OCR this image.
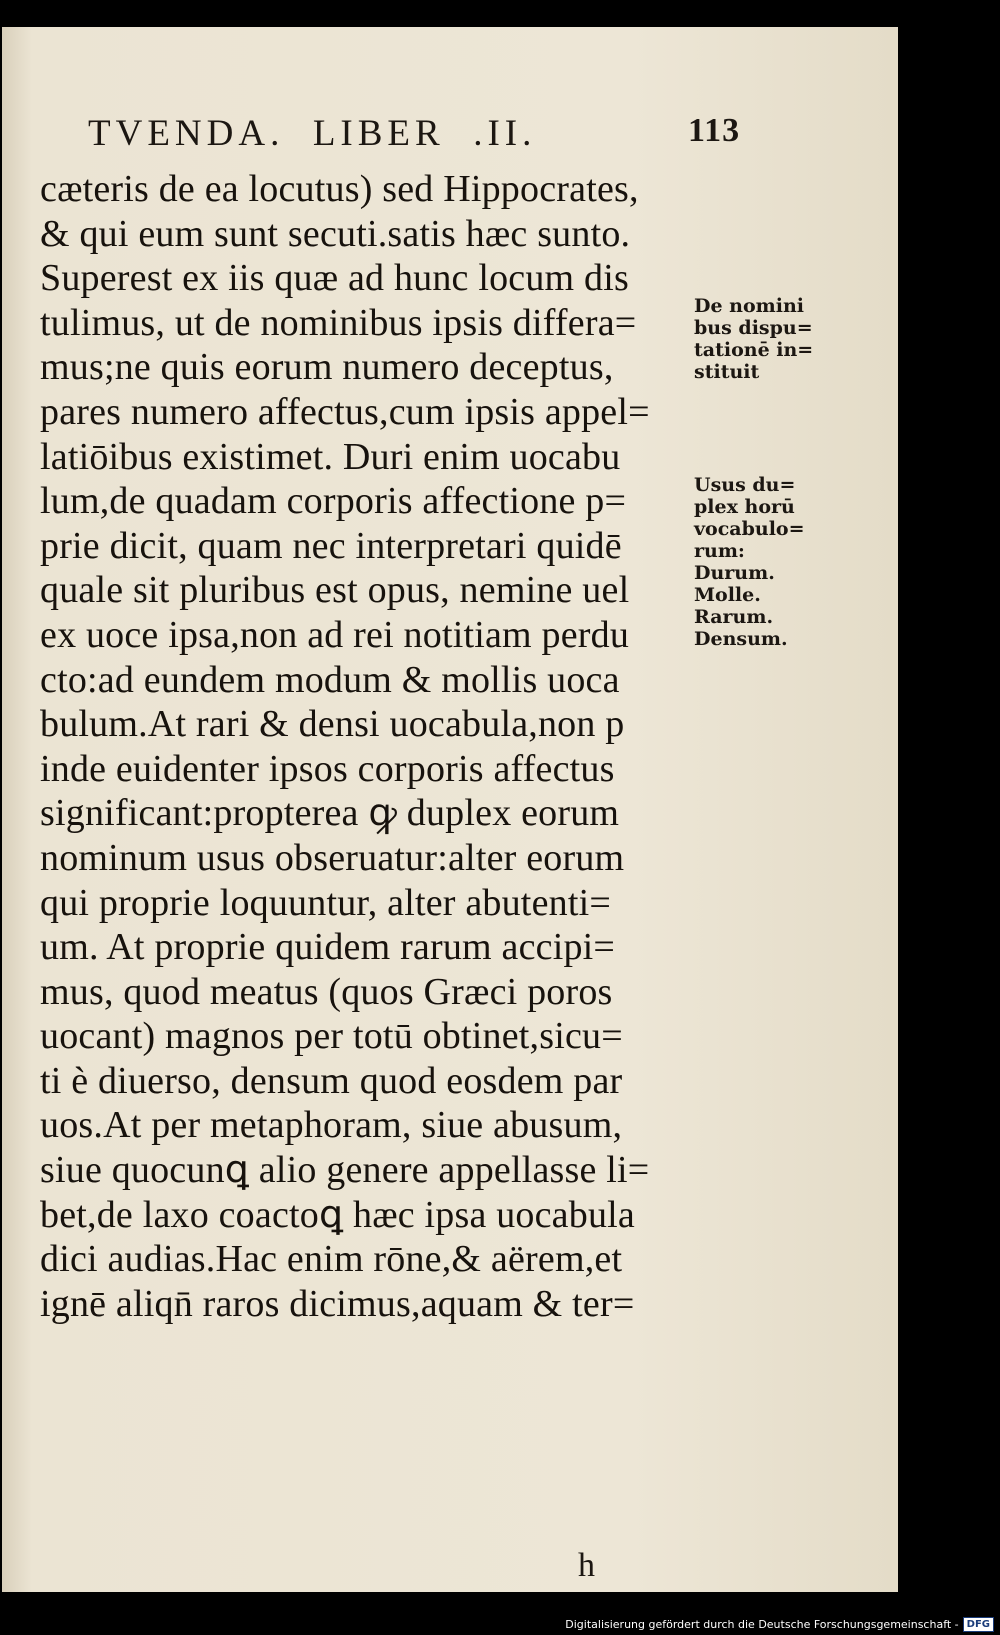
TVENDA.  LIBER  .II.	113
cæteris de ea locutus) sed Hippocrates,
& qui eum sunt secuti.satis hæc sunto.
Superest ex iis quæ ad hunc locum dis
tulimus, ut de nominibus ipsis differa=
mus;ne quis eorum numero deceptus,
pares numero affectus,cum ipsis appel=
latiōibus existimet. Duri enim uocabu
lum,de quadam corporis affectione p=
prie dicit, quam nec interpretari quidē
quale sit pluribus est opus, nemine uel
ex uoce ipsa,non ad rei notitiam perdu
cto:ad eundem modum & mollis uoca
bulum.At rari & densi uocabula,non p
inde euidenter ipsos corporis affectus
significant:propterea ꝙ duplex eorum
nominum usus obseruatur:alter eorum
qui proprie loquuntur, alter abutenti=
um. At proprie quidem rarum accipi=
mus, quod meatus (quos Græci poros
uocant) magnos per totū obtinet,sicu=
ti è diuerso, densum quod eosdem par
uos.At per metaphoram, siue abusum,
siue quocunꝗ alio genere appellasse li=
bet,de laxo coactoꝗ hæc ipsa uocabula
dici audias.Hac enim rōne,& aërem,et
ignē aliqn̄ raros dicimus,aquam & ter=
De nomini
bus dispu=
tationē in=
stituit
Usus du=
plex horū
vocabulo=
rum:
Durum.
Molle.
Rarum.
Densum.
h
Digitalisierung gefördert durch die Deutsche Forschungsgemeinschaft - DFG
